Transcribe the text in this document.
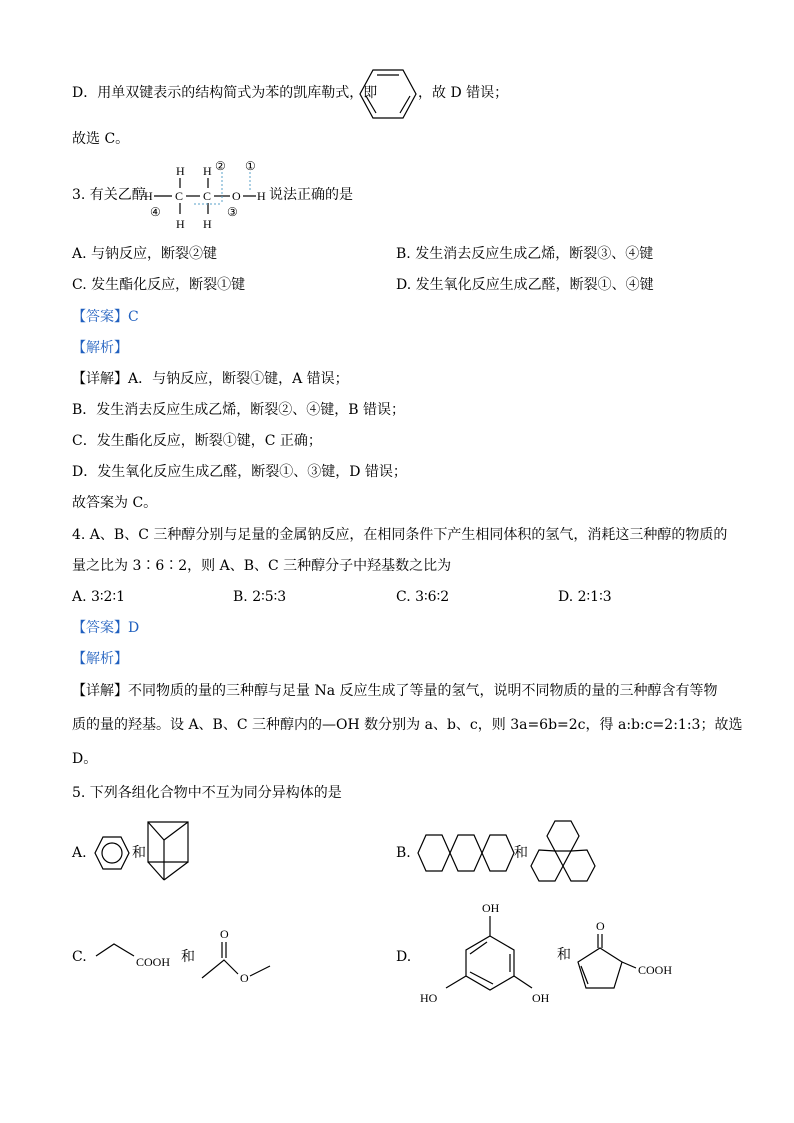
D．用单双键表示的结构简式为苯的凯库勒式，即	，故 D 错误；
故选 C。
3. 有关乙醇
H H ② ①
H C C O H
④	③
H H
说法正确的是
A. 与钠反应，断裂②键	B. 发生消去反应生成乙烯，断裂③、④键
C. 发生酯化反应，断裂①键	D. 发生氧化反应生成乙醛，断裂①、④键
【答案】C
【解析】
【详解】A．与钠反应，断裂①键，A 错误；
B．发生消去反应生成乙烯，断裂②、④键，B 错误；
C．发生酯化反应，断裂①键，C 正确；
D．发生氧化反应生成乙醛，断裂①、③键，D 错误；
故答案为 C。
4. A、B、C 三种醇分别与足量的金属钠反应，在相同条件下产生相同体积的氢气，消耗这三种醇的物质的
量之比为 3∶6∶2，则 A、B、C 三种醇分子中羟基数之比为
A. 3∶2∶1	B. 2∶5∶3	C. 3∶6∶2	D. 2∶1∶3
【答案】D
【解析】
【详解】不同物质的量的三种醇与足量 Na 反应生成了等量的氢气，说明不同物质的量的三种醇含有等物
质的量的羟基。设 A、B、C 三种醇内的—OH 数分别为 a、b、c，则 3a=6b=2c，得 a:b:c=2:1:3；故选
D。
5. 下列各组化合物中不互为同分异构体的是
A.	和	B.	和
C.	COOH 和
O
O
D.
OH
HO	OH
和
O
COOH
